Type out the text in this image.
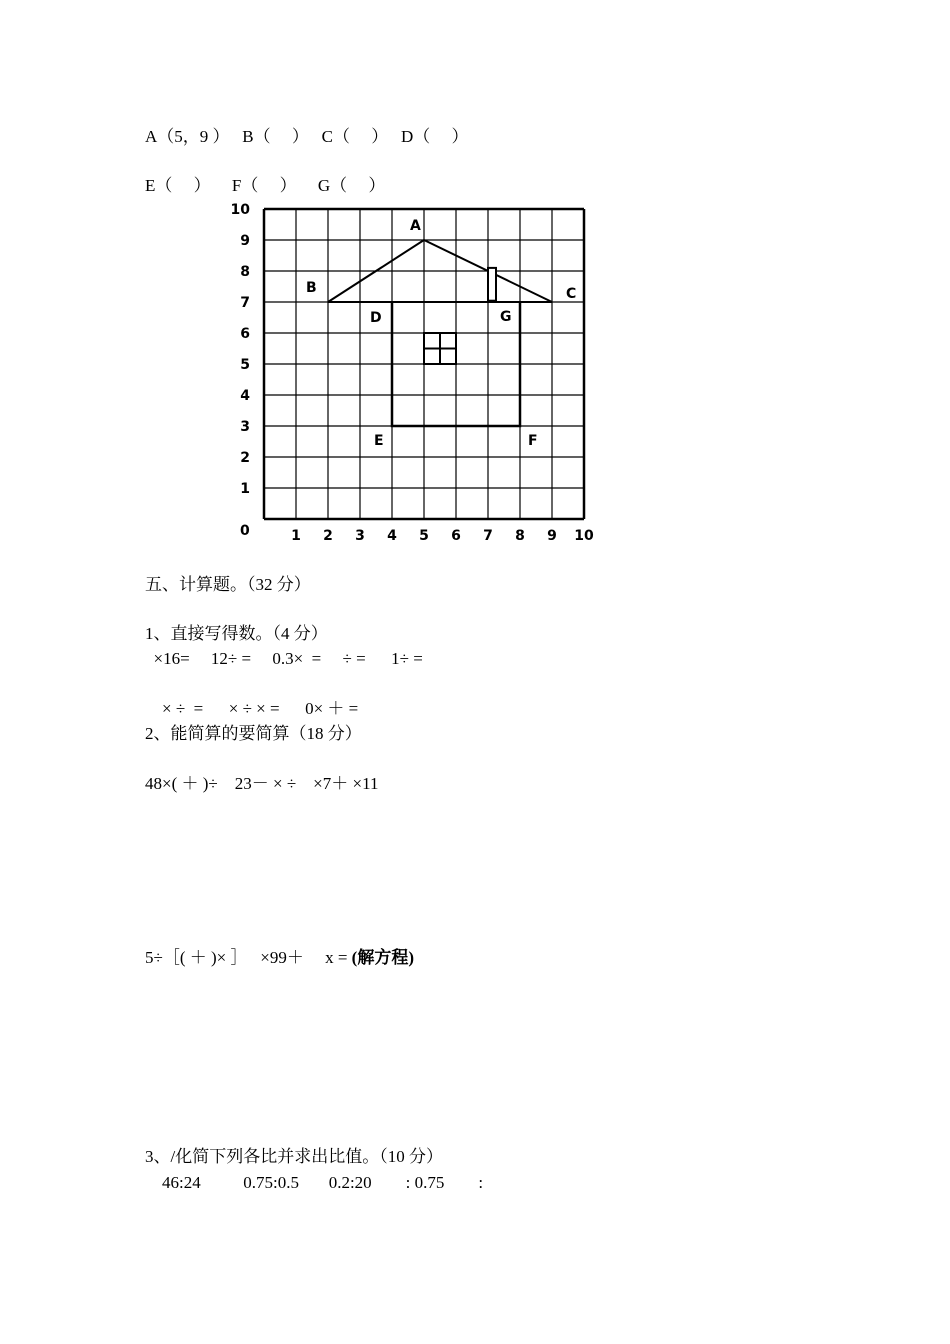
A（5，9 ）   B（     ）   C（     ）   D（     ）
E（     ）     F（     ）     G（     ）
0	1
1
2
2
3
3
4
4
5
5
6
6
7
7
8
8
9
9
10
10
A
B	C
D	G
E	F
五、计算题。（32 分）
1、直接写得数。（4 分）
×16=     12÷ =     0.3×  =     ÷ =      1÷ =
× ÷  =      × ÷ × =      0× ＋ =
2、能简算的要简算（18 分）
48×( ＋ )÷    23－ × ÷    ×7＋ ×11
5÷［( ＋ )× ］   ×99＋     x = (解方程)
3、/化简下列各比并求出比值。（10 分）
46:24          0.75:0.5       0.2:20        : 0.75        :
